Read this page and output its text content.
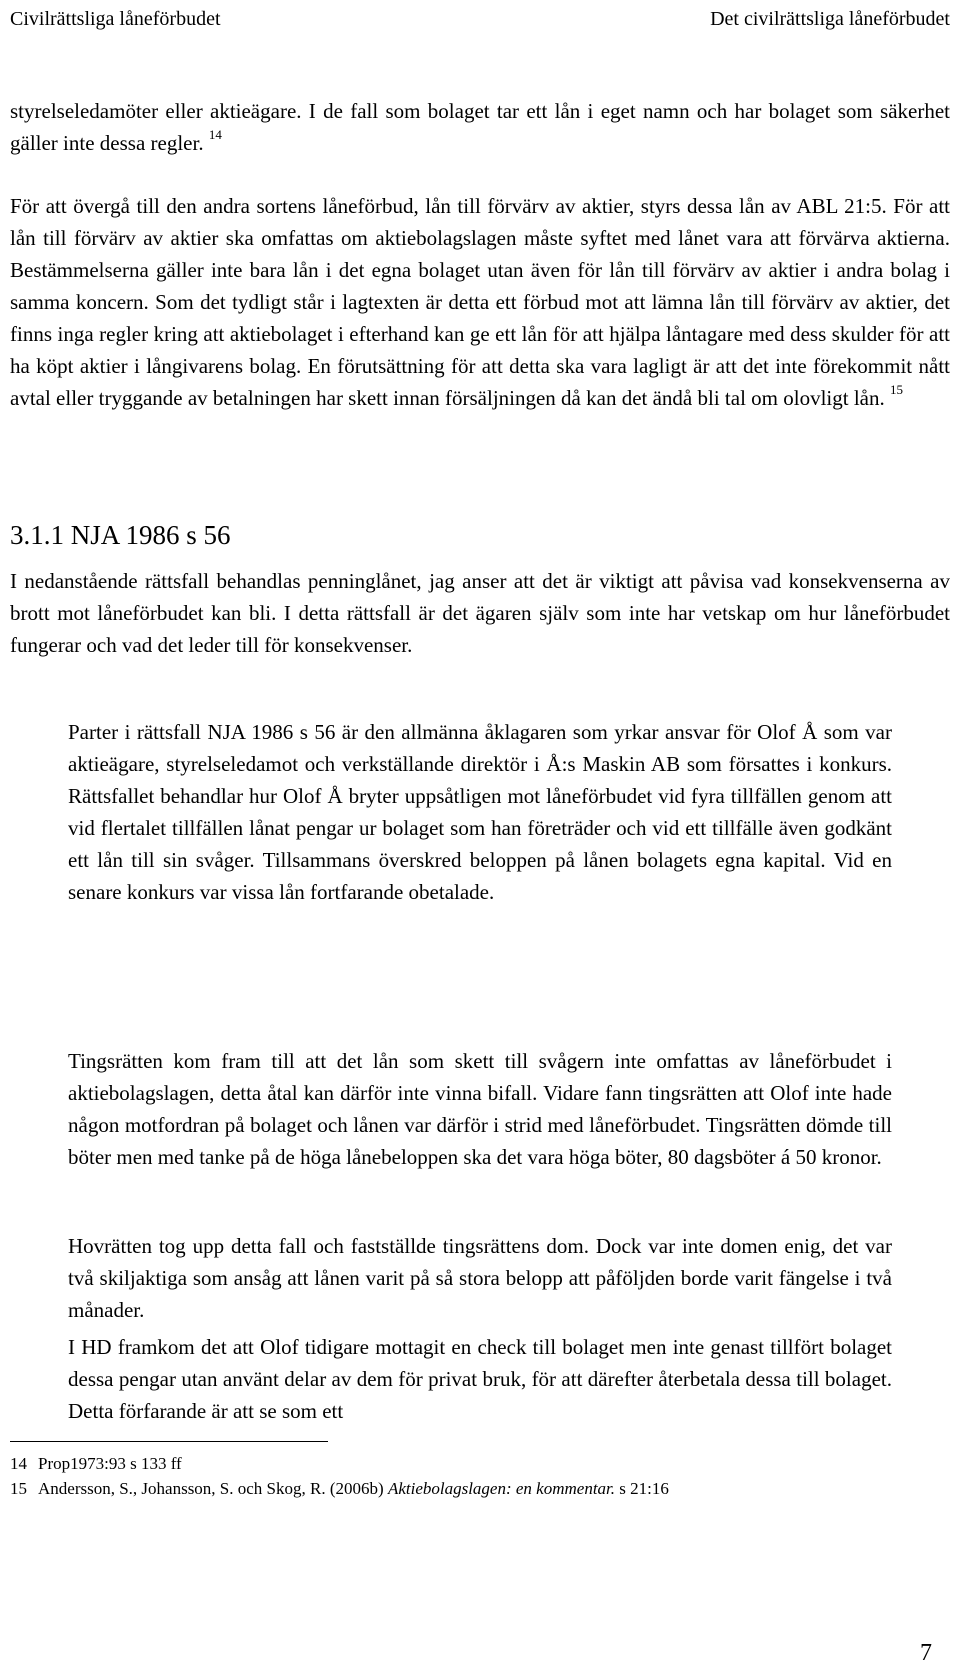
Civilrättsliga låneförbudet	Det civilrättsliga låneförbudet

styrelseledamöter eller aktieägare. I de fall som bolaget tar ett lån i eget namn och har bolaget som säkerhet gäller inte dessa regler. $^{14}$

För att övergå till den andra sortens låneförbud, lån till förvärv av aktier, styrs dessa lån av ABL 21:5. För att lån till förvärv av aktier ska omfattas om aktiebolagslagen måste syftet med lånet vara att förvärva aktierna. Bestämmelserna gäller inte bara lån i det egna bolaget utan även för lån till förvärv av aktier i andra bolag i samma koncern. Som det tydligt står i lagtexten är detta ett förbud mot att lämna lån till förvärv av aktier, det finns inga regler kring att aktiebolaget i efterhand kan ge ett lån för att hjälpa låntagare med dess skulder för att ha köpt aktier i långivarens bolag. En förutsättning för att detta ska vara lagligt är att det inte förekommit nått avtal eller tryggande av betalningen har skett innan försäljningen då kan det ändå bli tal om olovligt lån. $^{15}$

3.1.1 NJA 1986 s 56

I nedanstående rättsfall behandlas penninglånet, jag anser att det är viktigt att påvisa vad konsekvenserna av brott mot låneförbudet kan bli. I detta rättsfall är det ägaren själv som inte har vetskap om hur låneförbudet fungerar och vad det leder till för konsekvenser.

Parter i rättsfall NJA 1986 s 56 är den allmänna åklagaren som yrkar ansvar för Olof Å som var aktieägare, styrelseledamot och verkställande direktör i Å:s Maskin AB som försattes i konkurs. Rättsfallet behandlar hur Olof Å bryter uppsåtligen mot låneförbudet vid fyra tillfällen genom att vid flertalet tillfällen lånat pengar ur bolaget som han företräder och vid ett tillfälle även godkänt ett lån till sin svåger. Tillsammans överskred beloppen på lånen bolagets egna kapital. Vid en senare konkurs var vissa lån fortfarande obetalade.

Tingsrätten kom fram till att det lån som skett till svågern inte omfattas av låneförbudet i aktiebolagslagen, detta åtal kan därför inte vinna bifall. Vidare fann tingsrätten att Olof inte hade någon motfordran på bolaget och lånen var därför i strid med låneförbudet. Tingsrätten dömde till böter men med tanke på de höga lånebeloppen ska det vara höga böter, 80 dagsböter á 50 kronor.

Hovrätten tog upp detta fall och fastställde tingsrättens dom. Dock var inte domen enig, det var två skiljaktiga som ansåg att lånen varit på så stora belopp att påföljden borde varit fängelse i två månader.

I HD framkom det att Olof tidigare mottagit en check till bolaget men inte genast tillfört bolaget dessa pengar utan använt delar av dem för privat bruk, för att därefter återbetala dessa till bolaget. Detta förfarande är att se som ett

14 Prop1973:93 s 133 ff
15 Andersson, S., Johansson, S. och Skog, R. (2006b) Aktiebolagslagen: en kommentar. s 21:16
7
